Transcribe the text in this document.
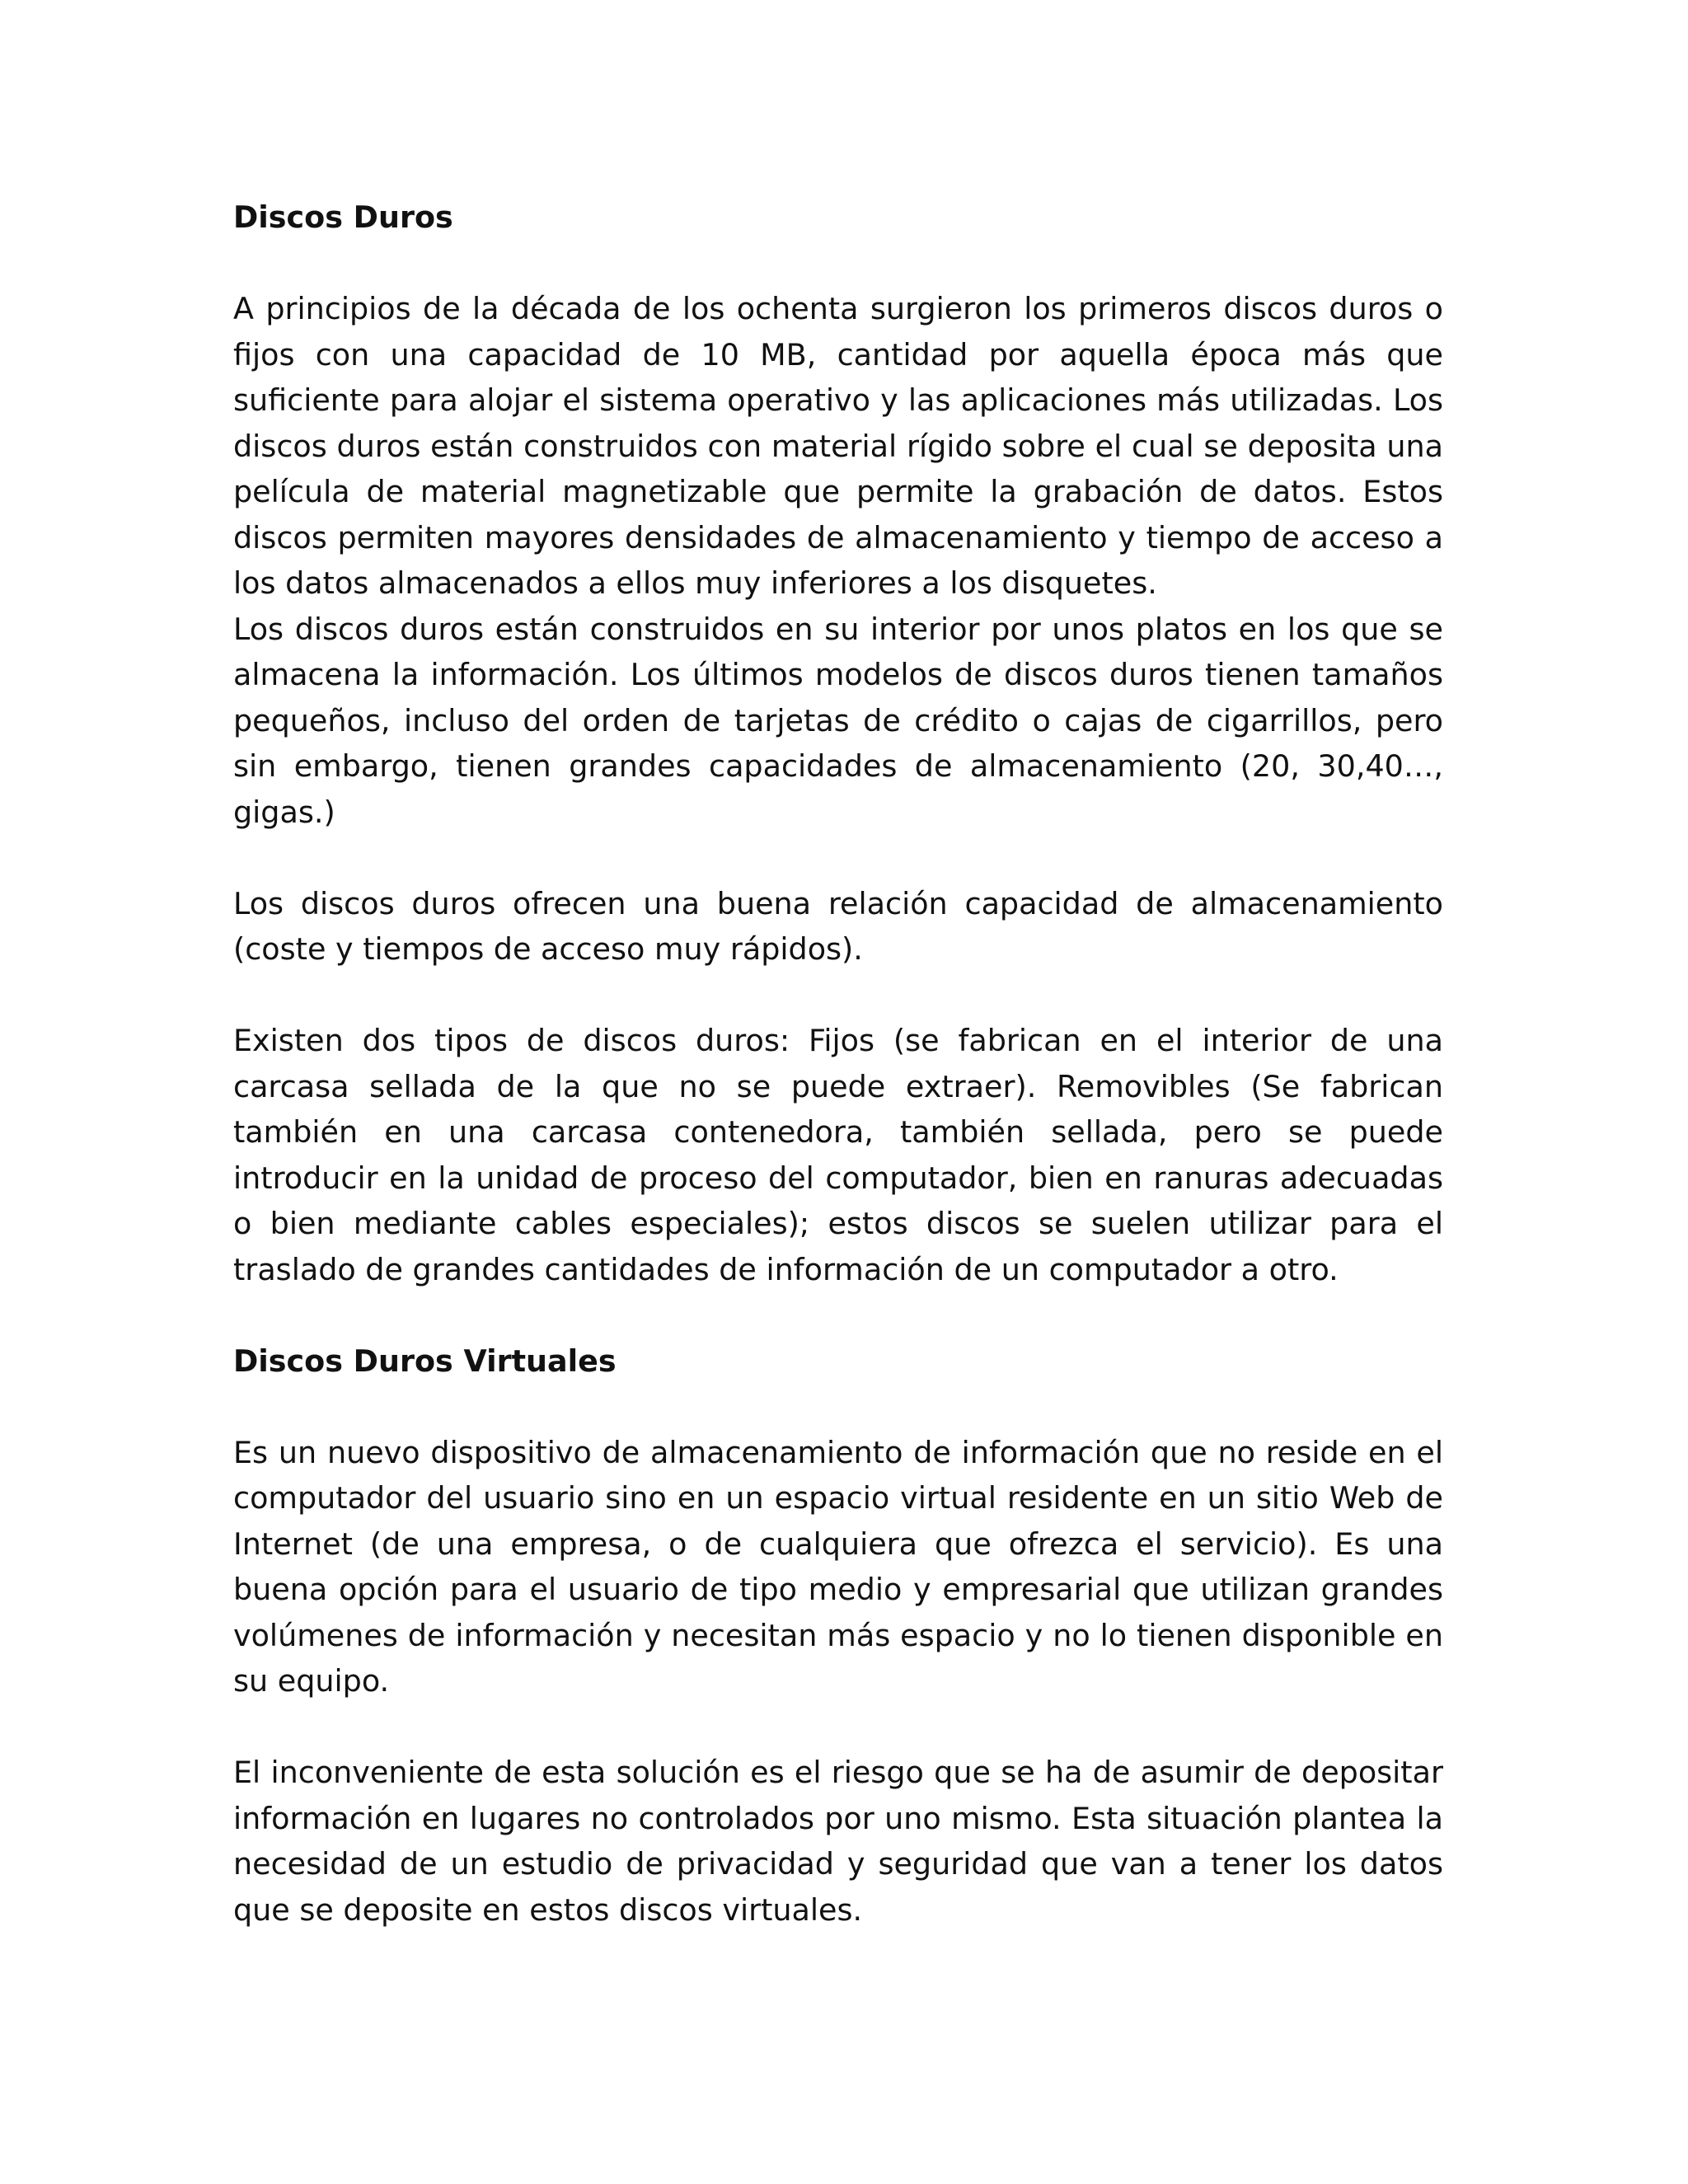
Discos Duros

A principios de la década de los ochenta surgieron los primeros discos duros o fijos con una capacidad de 10 MB, cantidad por aquella época más que suficiente para alojar el sistema operativo y las aplicaciones más utilizadas. Los discos duros están construidos con material rígido sobre el cual se deposita una película de material magnetizable que permite la grabación de datos. Estos discos permiten mayores densidades de almacenamiento y tiempo de acceso a los datos almacenados a ellos muy inferiores a los disquetes.

Los discos duros están construidos en su interior por unos platos en los que se almacena la información. Los últimos modelos de discos duros tienen tamaños pequeños, incluso del orden de tarjetas de crédito o cajas de cigarrillos, pero sin embargo, tienen grandes capacidades de almacenamiento (20, 30,40…, gigas.)

Los discos duros ofrecen una buena relación capacidad de almacenamiento (coste y tiempos de acceso muy rápidos).

Existen dos tipos de discos duros: Fijos (se fabrican en el interior de una carcasa sellada de la que no se puede extraer). Removibles (Se fabrican también en una carcasa contenedora, también sellada, pero se puede introducir en la unidad de proceso del computador, bien en ranuras adecuadas o bien mediante cables especiales); estos discos se suelen utilizar para el traslado de grandes cantidades de información de un computador a otro.

Discos Duros Virtuales

Es un nuevo dispositivo de almacenamiento de información que no reside en el computador del usuario sino en un espacio virtual residente en un sitio Web de Internet (de una empresa, o de cualquiera que ofrezca el servicio). Es una buena opción para el usuario de tipo medio y empresarial que utilizan grandes volúmenes de información y necesitan más espacio y no lo tienen disponible en su equipo.

El inconveniente de esta solución es el riesgo que se ha de asumir de depositar información en lugares no controlados por uno mismo. Esta situación plantea la necesidad de un estudio de privacidad y seguridad que van a tener los datos que se deposite en estos discos virtuales.
